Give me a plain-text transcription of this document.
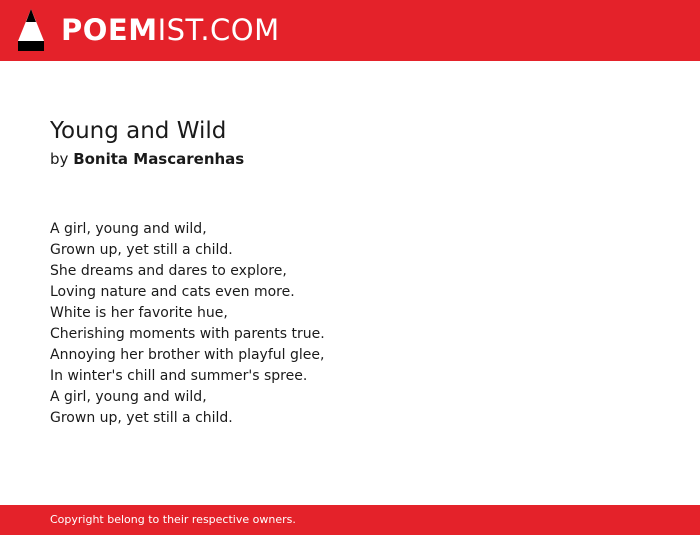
POEMIST.COM
Young and Wild
by Bonita Mascarenhas
A girl, young and wild,
Grown up, yet still a child.
She dreams and dares to explore,
Loving nature and cats even more.
White is her favorite hue,
Cherishing moments with parents true.
Annoying her brother with playful glee,
In winter's chill and summer's spree.
A girl, young and wild,
Grown up, yet still a child.
Copyright belong to their respective owners.
